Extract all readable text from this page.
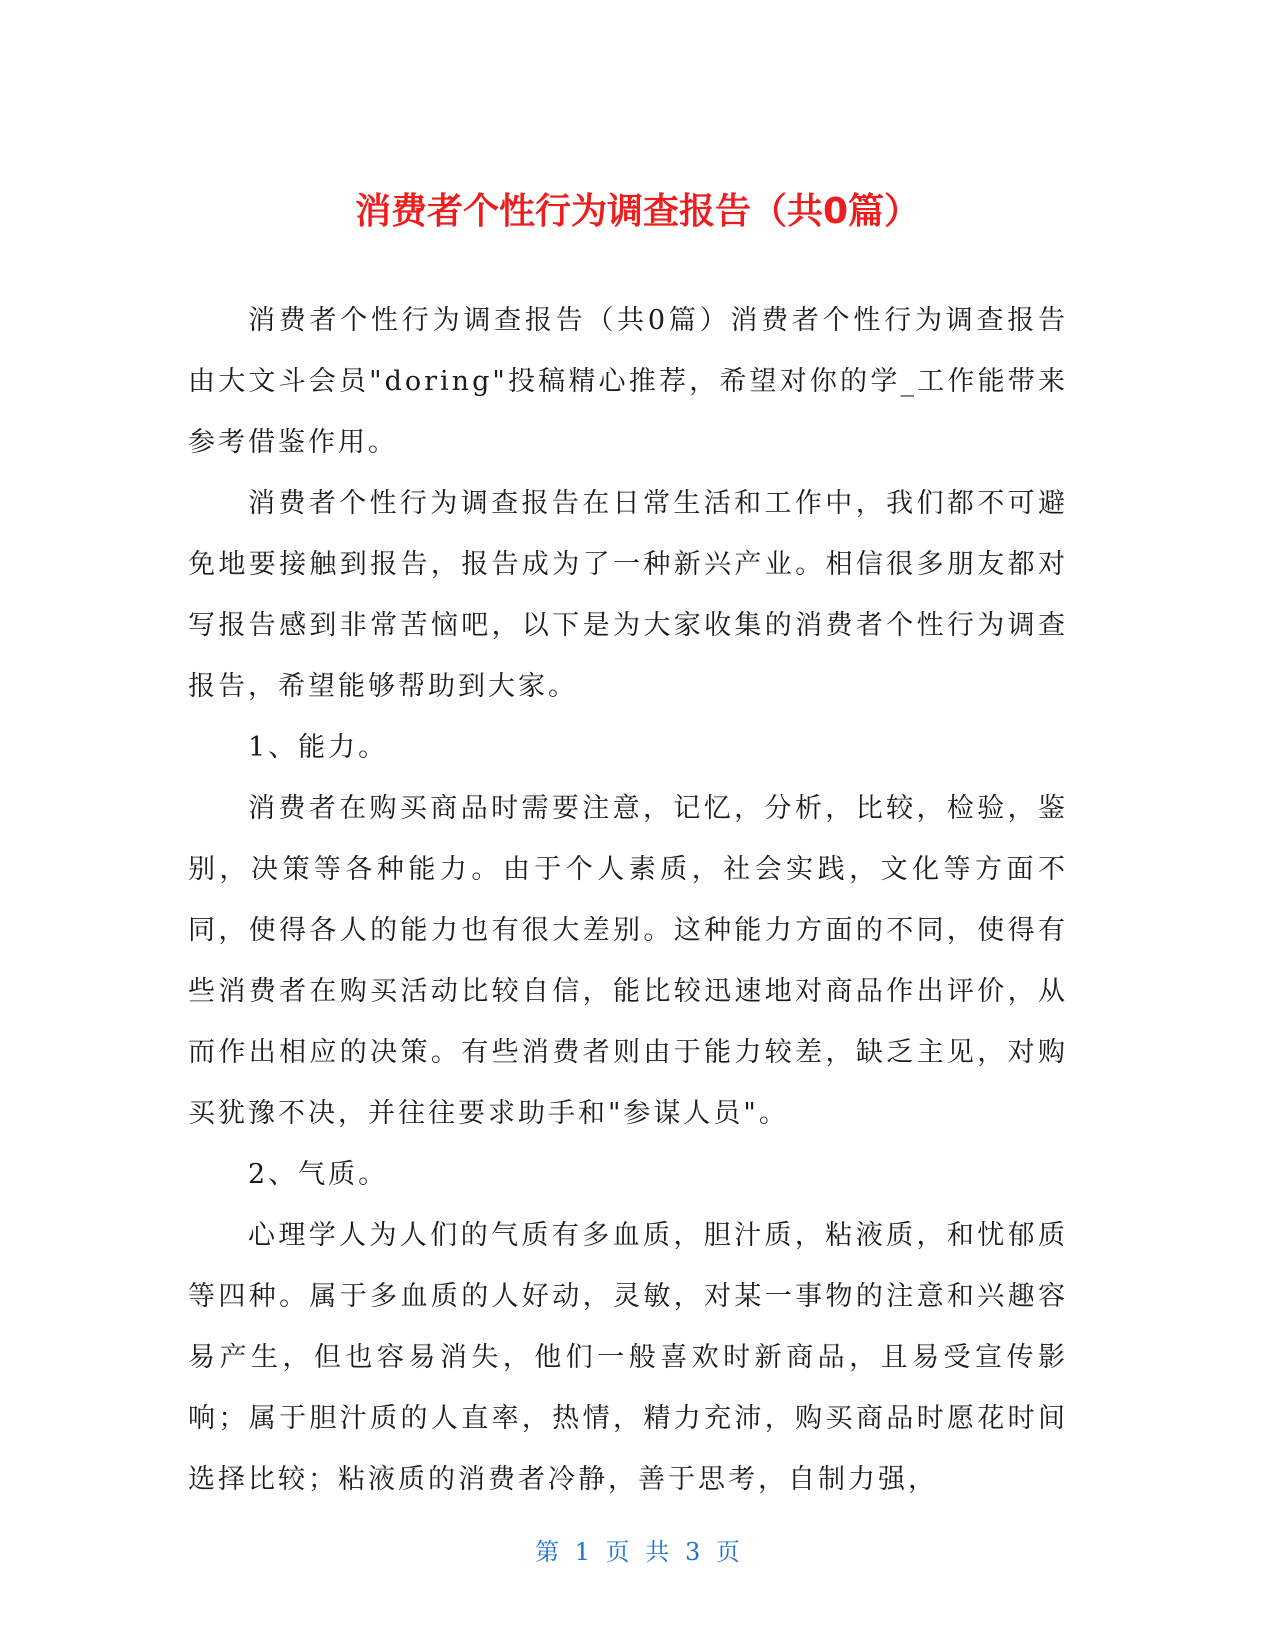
消费者个性行为调查报告（共0篇）

消费者个性行为调查报告（共0篇）消费者个性行为调查报告由大文斗会员"doring"投稿精心推荐，希望对你的学_工作能带来参考借鉴作用。

消费者个性行为调查报告在日常生活和工作中，我们都不可避免地要接触到报告，报告成为了一种新兴产业。相信很多朋友都对写报告感到非常苦恼吧，以下是为大家收集的消费者个性行为调查报告，希望能够帮助到大家。

1、能力。

消费者在购买商品时需要注意，记忆，分析，比较，检验，鉴别，决策等各种能力。由于个人素质，社会实践，文化等方面不同，使得各人的能力也有很大差别。这种能力方面的不同，使得有些消费者在购买活动比较自信，能比较迅速地对商品作出评价，从而作出相应的决策。有些消费者则由于能力较差，缺乏主见，对购买犹豫不决，并往往要求助手和"参谋人员"。

2、气质。

心理学人为人们的气质有多血质，胆汁质，粘液质，和忧郁质等四种。属于多血质的人好动，灵敏，对某一事物的注意和兴趣容易产生，但也容易消失，他们一般喜欢时新商品，且易受宣传影响；属于胆汁质的人直率，热情，精力充沛，购买商品时愿花时间选择比较；粘液质的消费者冷静，善于思考，自制力强，

第 1 页 共 3 页
